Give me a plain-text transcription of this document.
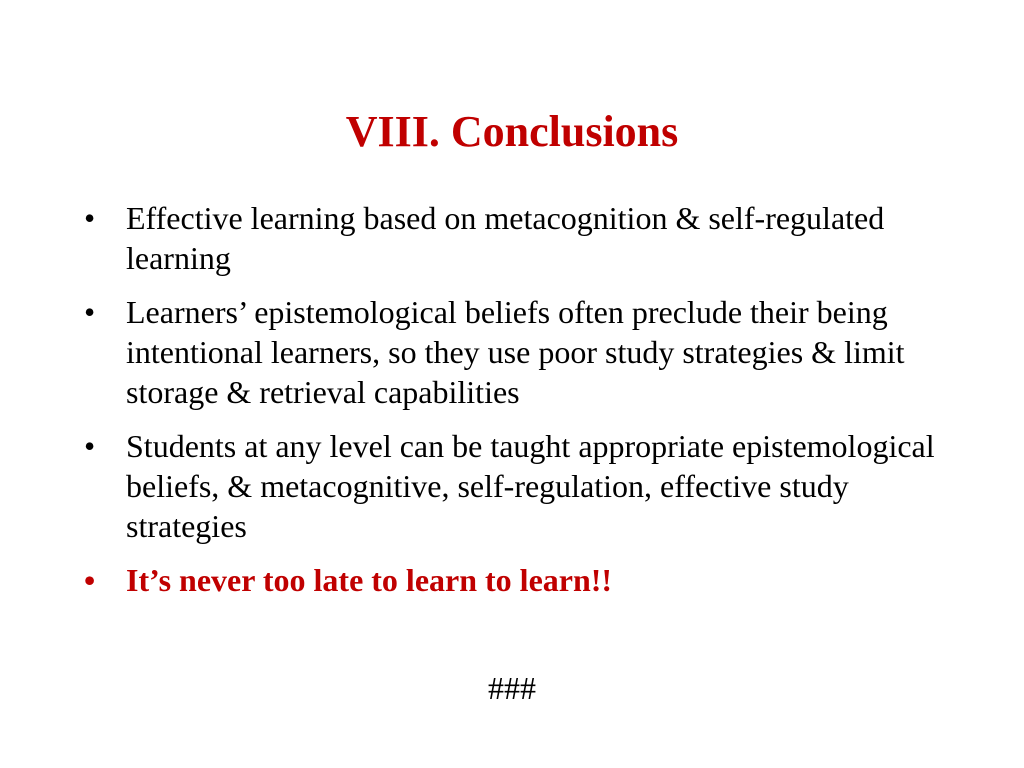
VIII. Conclusions
• Effective learning based on metacognition & self-regulated learning
• Learners’ epistemological beliefs often preclude their being intentional learners, so they use poor study strategies & limit storage & retrieval capabilities
• Students at any level can be taught appropriate epistemological beliefs, & metacognitive, self-regulation, effective study strategies
• It’s never too late to learn to learn!!
###
